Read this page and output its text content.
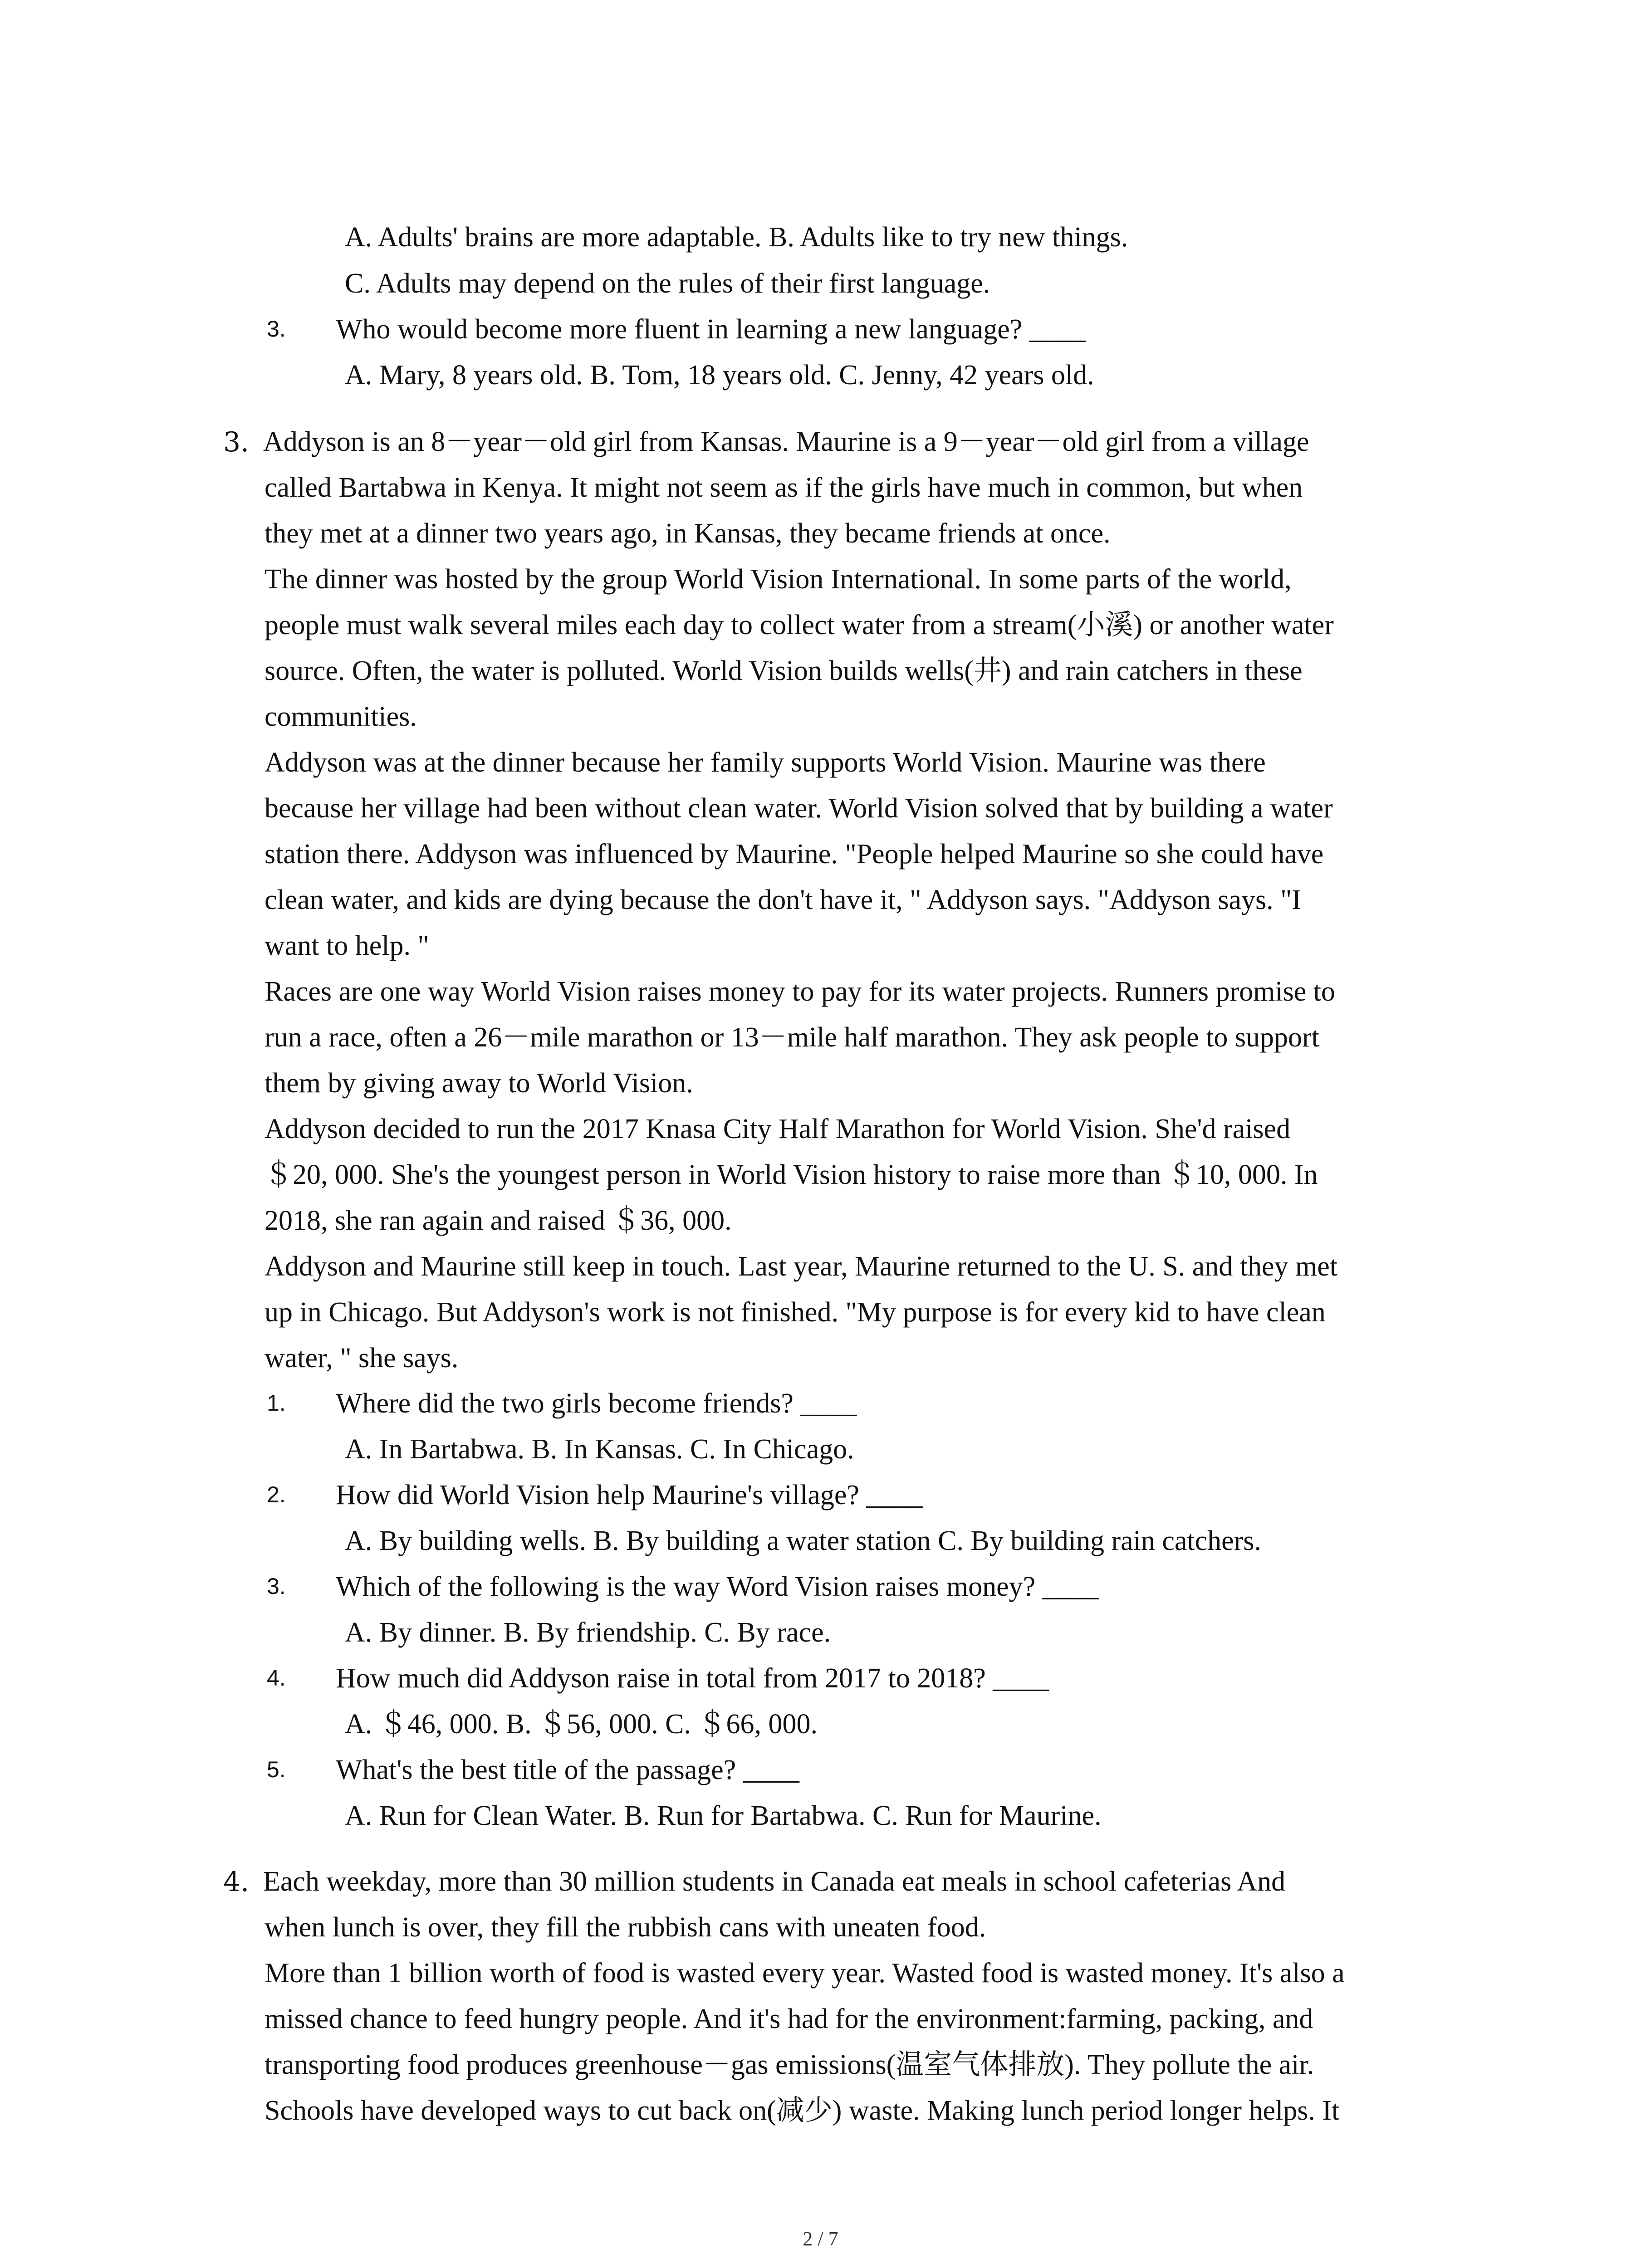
A. Adults' brains are more adaptable. B. Adults like to try new things.
C. Adults may depend on the rules of their first language.
3. Who would become more fluent in learning a new language? ____
A. Mary, 8 years old. B. Tom, 18 years old. C. Jenny, 42 years old.
3. Addyson is an 8－year－old girl from Kansas. Maurine is a 9－year－old girl from a village
called Bartabwa in Kenya. It might not seem as if the girls have much in common, but when
they met at a dinner two years ago, in Kansas, they became friends at once.
The dinner was hosted by the group World Vision International. In some parts of the world,
people must walk several miles each day to collect water from a stream(小溪) or another water
source. Often, the water is polluted. World Vision builds wells(井) and rain catchers in these
communities.
Addyson was at the dinner because her family supports World Vision. Maurine was there
because her village had been without clean water. World Vision solved that by building a water
station there. Addyson was influenced by Maurine. "People helped Maurine so she could have
clean water, and kids are dying because the don't have it, " Addyson says. "Addyson says. "I
want to help. "
Races are one way World Vision raises money to pay for its water projects. Runners promise to
run a race, often a 26－mile marathon or 13－mile half marathon. They ask people to support
them by giving away to World Vision.
Addyson decided to run the 2017 Knasa City Half Marathon for World Vision. She'd raised
＄20, 000. She's the youngest person in World Vision history to raise more than ＄10, 000. In
2018, she ran again and raised ＄36, 000.
Addyson and Maurine still keep in touch. Last year, Maurine returned to the U. S. and they met
up in Chicago. But Addyson's work is not finished. "My purpose is for every kid to have clean
water, " she says.
1. Where did the two girls become friends? ____
A. In Bartabwa. B. In Kansas. C. In Chicago.
2. How did World Vision help Maurine's village? ____
A. By building wells. B. By building a water station C. By building rain catchers.
3. Which of the following is the way Word Vision raises money? ____
A. By dinner. B. By friendship. C. By race.
4. How much did Addyson raise in total from 2017 to 2018? ____
A. ＄46, 000. B. ＄56, 000. C. ＄66, 000.
5. What's the best title of the passage? ____
A. Run for Clean Water. B. Run for Bartabwa. C. Run for Maurine.
4. Each weekday, more than 30 million students in Canada eat meals in school cafeterias And
when lunch is over, they fill the rubbish cans with uneaten food.
More than 1 billion worth of food is wasted every year. Wasted food is wasted money. It's also a
missed chance to feed hungry people. And it's had for the environment:farming, packing, and
transporting food produces greenhouse－gas emissions(温室气体排放). They pollute the air.
Schools have developed ways to cut back on(减少) waste. Making lunch period longer helps. It
2 / 7
